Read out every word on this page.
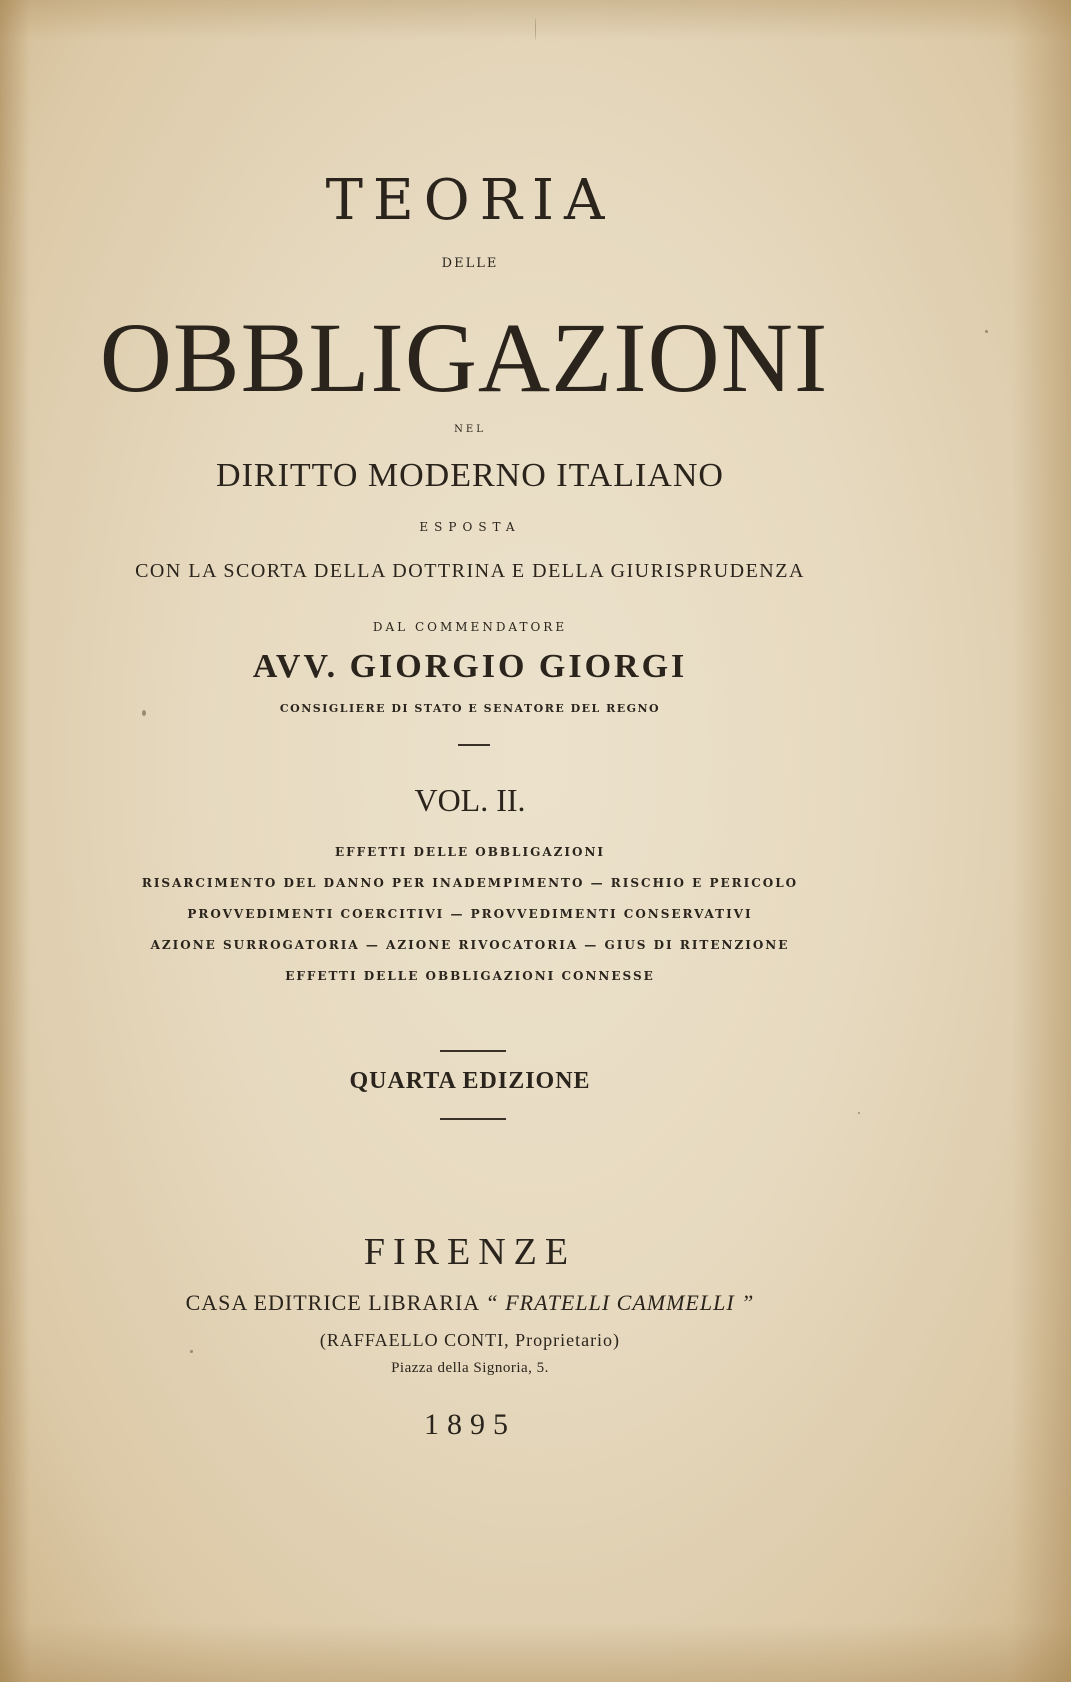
TEORIA
DELLE
OBBLIGAZIONI
NEL
DIRITTO MODERNO ITALIANO
ESPOSTA
CON LA SCORTA DELLA DOTTRINA E DELLA GIURISPRUDENZA
DAL COMMENDATORE
AVV. GIORGIO GIORGI
CONSIGLIERE DI STATO E SENATORE DEL REGNO
VOL. II.
EFFETTI DELLE OBBLIGAZIONI
RISARCIMENTO DEL DANNO PER INADEMPIMENTO — RISCHIO E PERICOLO
PROVVEDIMENTI COERCITIVI — PROVVEDIMENTI CONSERVATIVI
AZIONE SURROGATORIA — AZIONE RIVOCATORIA — GIUS DI RITENZIONE
EFFETTI DELLE OBBLIGAZIONI CONNESSE
QUARTA EDIZIONE
FIRENZE
CASA EDITRICE LIBRARIA “ FRATELLI CAMMELLI ”
(RAFFAELLO CONTI, Proprietario)
Piazza della Signoria, 5.
1895
